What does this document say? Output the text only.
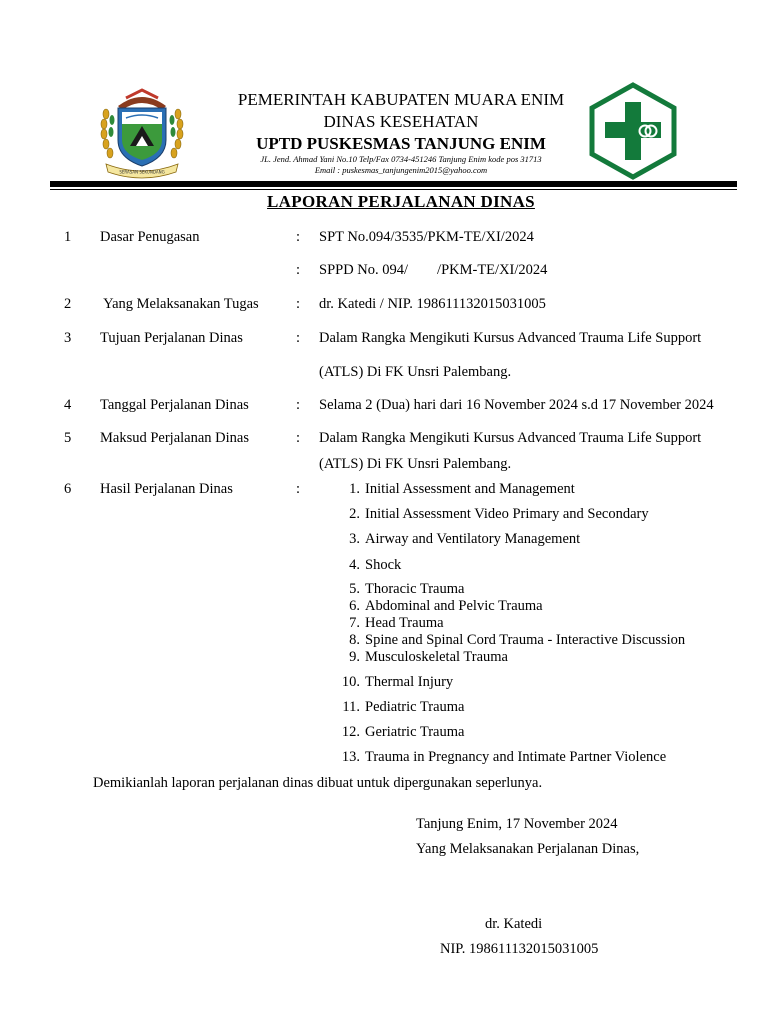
SERASAN SEKUNDANG
PEMERINTAH KABUPATEN MUARA ENIM
DINAS KESEHATAN
UPTD PUSKESMAS TANJUNG ENIM
JL. Jend. Ahmad Yani No.10 Telp/Fax 0734-451246 Tanjung Enim kode pos 31713
Email : puskesmas_tanjungenim2015@yahoo.com
LAPORAN PERJALANAN DINAS
1 Dasar Penugasan	: SPT No.094/3535/PKM-TE/XI/2024
: SPPD No. 094/        /PKM-TE/XI/2024
2 Yang Melaksanakan Tugas	: dr. Katedi / NIP. 198611132015031005
3 Tujuan Perjalanan Dinas	: Dalam Rangka Mengikuti Kursus Advanced Trauma Life Support
(ATLS) Di FK Unsri Palembang.
4 Tanggal Perjalanan Dinas	: Selama 2 (Dua) hari dari 16 November 2024 s.d 17 November 2024
5 Maksud Perjalanan Dinas	: Dalam Rangka Mengikuti Kursus Advanced Trauma Life Support
(ATLS) Di FK Unsri Palembang.
6 Hasil Perjalanan Dinas	:	1. Initial Assessment and Management
2. Initial Assessment Video Primary and Secondary
3. Airway and Ventilatory Management
4. Shock
5. Thoracic Trauma
6. Abdominal and Pelvic Trauma
7. Head Trauma
8. Spine and Spinal Cord Trauma - Interactive Discussion
9. Musculoskeletal Trauma
10. Thermal Injury
11. Pediatric Trauma
12. Geriatric Trauma
13. Trauma in Pregnancy and Intimate Partner Violence
Demikianlah laporan perjalanan dinas dibuat untuk dipergunakan seperlunya.
Tanjung Enim, 17 November 2024
Yang Melaksanakan Perjalanan Dinas,
dr. Katedi
NIP. 198611132015031005
